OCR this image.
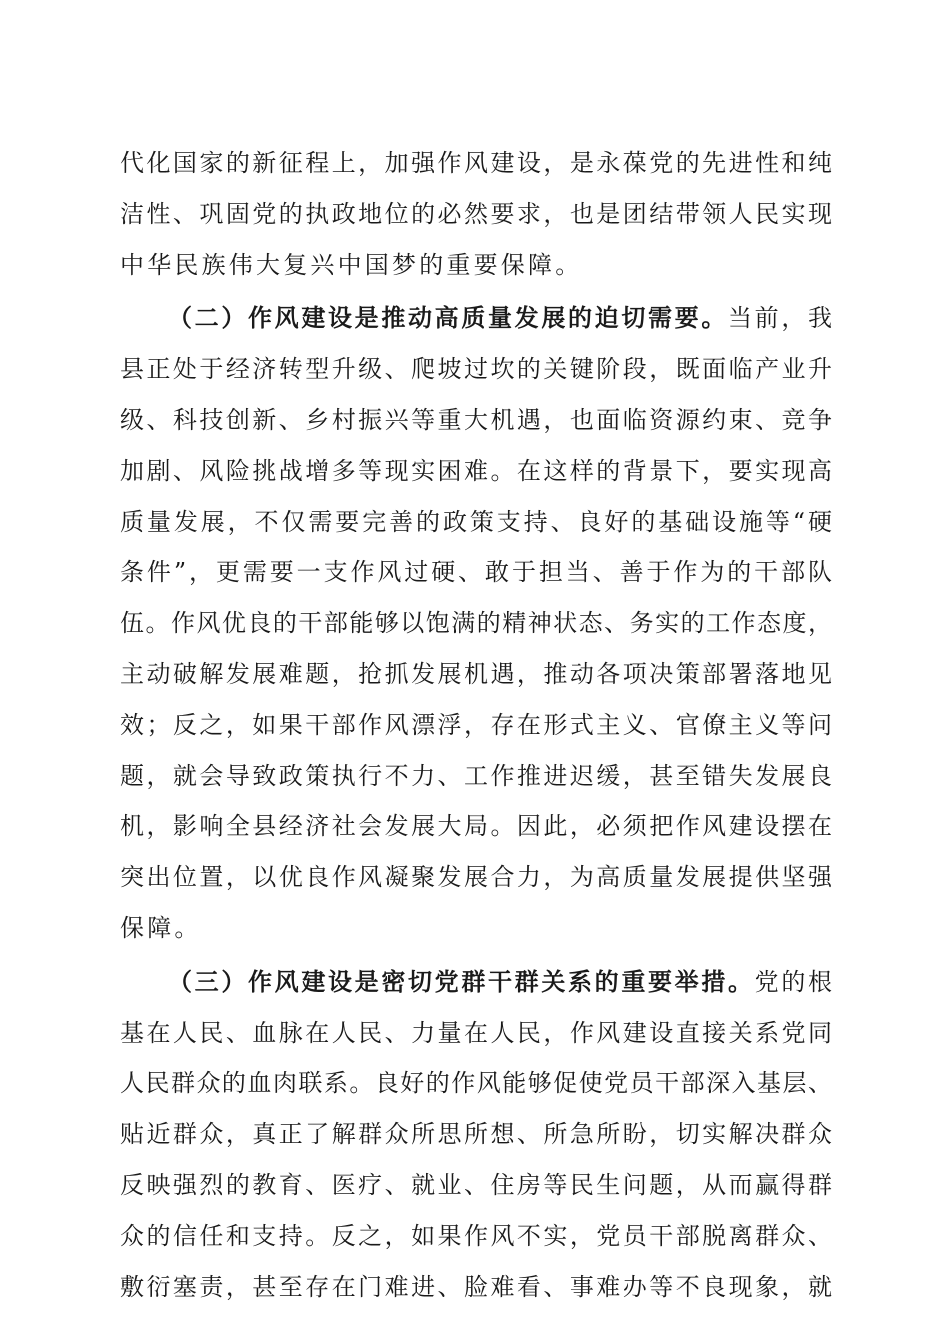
代化国家的新征程上，加强作风建设，是永葆党的先进性和纯
洁性、巩固党的执政地位的必然要求，也是团结带领人民实现
中华民族伟大复兴中国梦的重要保障。
（二）作风建设是推动高质量发展的迫切需要。当前，我
县正处于经济转型升级、爬坡过坎的关键阶段，既面临产业升
级、科技创新、乡村振兴等重大机遇，也面临资源约束、竞争
加剧、风险挑战增多等现实困难。在这样的背景下，要实现高
质量发展，不仅需要完善的政策支持、良好的基础设施等“硬
条件”，更需要一支作风过硬、敢于担当、善于作为的干部队
伍。作风优良的干部能够以饱满的精神状态、务实的工作态度，
主动破解发展难题，抢抓发展机遇，推动各项决策部署落地见
效；反之，如果干部作风漂浮，存在形式主义、官僚主义等问
题，就会导致政策执行不力、工作推进迟缓，甚至错失发展良
机，影响全县经济社会发展大局。因此，必须把作风建设摆在
突出位置，以优良作风凝聚发展合力，为高质量发展提供坚强
保障。
（三）作风建设是密切党群干群关系的重要举措。党的根
基在人民、血脉在人民、力量在人民，作风建设直接关系党同
人民群众的血肉联系。良好的作风能够促使党员干部深入基层、
贴近群众，真正了解群众所思所想、所急所盼，切实解决群众
反映强烈的教育、医疗、就业、住房等民生问题，从而赢得群
众的信任和支持。反之，如果作风不实，党员干部脱离群众、
敷衍塞责，甚至存在门难进、脸难看、事难办等不良现象，就
